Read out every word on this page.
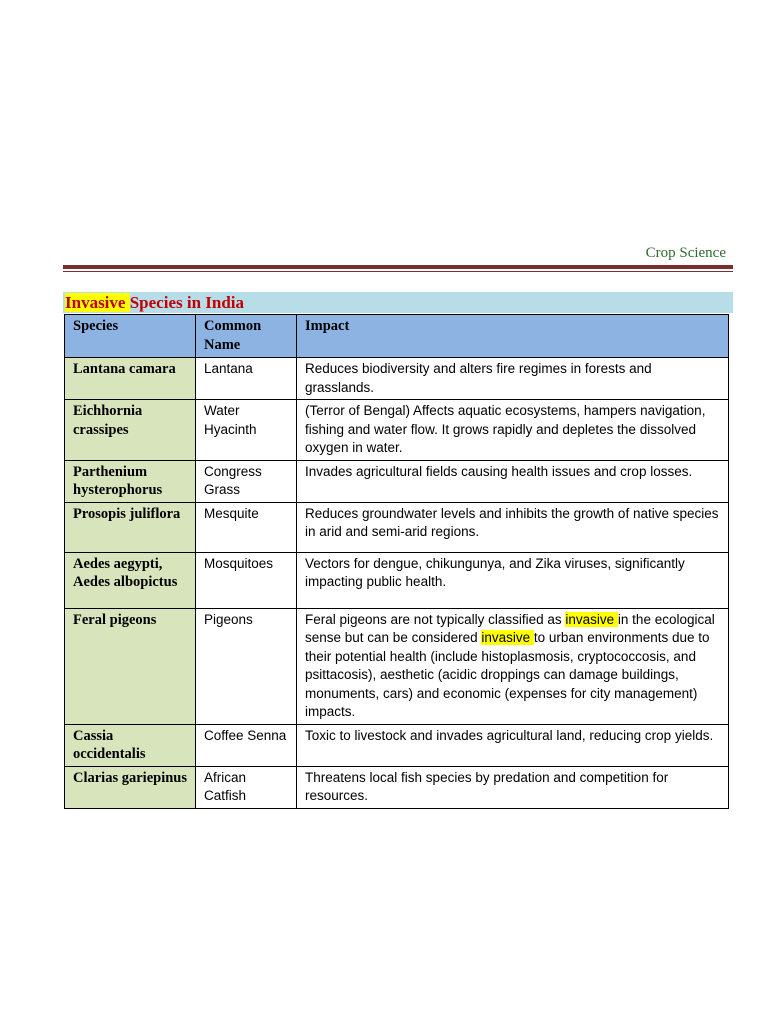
Crop Science
Invasive Species in India
Species	Common Name	Impact
Lantana camara	Lantana	Reduces biodiversity and alters fire regimes in forests and grasslands.
Eichhornia crassipes	Water Hyacinth	(Terror of Bengal) Affects aquatic ecosystems, hampers navigation, fishing and water flow. It grows rapidly and depletes the dissolved oxygen in water.
Parthenium hysterophorus	Congress Grass	Invades agricultural fields causing health issues and crop losses.
Prosopis juliflora	Mesquite	Reduces groundwater levels and inhibits the growth of native species in arid and semi-arid regions.
Aedes aegypti, Aedes albopictus	Mosquitoes	Vectors for dengue, chikungunya, and Zika viruses, significantly impacting public health.
Feral pigeons	Pigeons	Feral pigeons are not typically classified as invasive in the ecological sense but can be considered invasive to urban environments due to their potential health (include histoplasmosis, cryptococcosis, and psittacosis), aesthetic (acidic droppings can damage buildings, monuments, cars) and economic (expenses for city management) impacts.
Cassia occidentalis	Coffee Senna	Toxic to livestock and invades agricultural land, reducing crop yields.
Clarias gariepinus	African Catfish	Threatens local fish species by predation and competition for resources.
